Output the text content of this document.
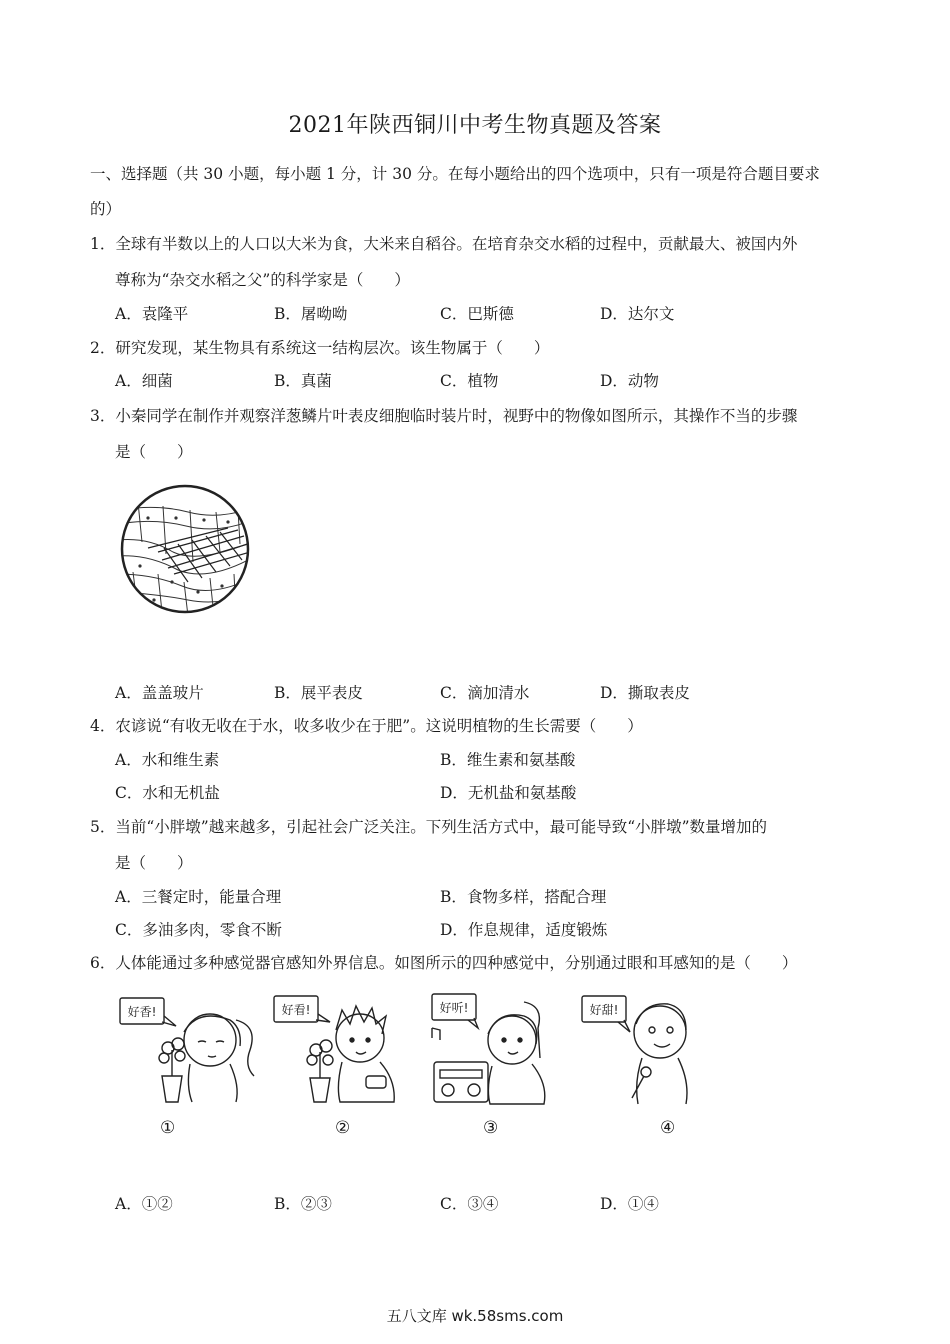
2021年陕西铜川中考生物真题及答案
一、选择题（共 30 小题，每小题 1 分，计 30 分。在每小题给出的四个选项中，只有一项是符合题目要求
的）
1．全球有半数以上的人口以大米为食，大米来自稻谷。在培育杂交水稻的过程中，贡献最大、被国内外
尊称为“杂交水稻之父”的科学家是（　　）
A．袁隆平	B．屠呦呦	C．巴斯德	D．达尔文
2．研究发现，某生物具有系统这一结构层次。该生物属于（　　）
A．细菌	B．真菌	C．植物	D．动物
3．小秦同学在制作并观察洋葱鳞片叶表皮细胞临时装片时，视野中的物像如图所示，其操作不当的步骤
是（　　）
A．盖盖玻片	B．展平表皮	C．滴加清水	D．撕取表皮
4．农谚说“有收无收在于水，收多收少在于肥”。这说明植物的生长需要（　　）
A．水和维生素	B．维生素和氨基酸
C．水和无机盐	D．无机盐和氨基酸
5．当前“小胖墩”越来越多，引起社会广泛关注。下列生活方式中，最可能导致“小胖墩”数量增加的
是（　　）
A．三餐定时，能量合理	B．食物多样，搭配合理
C．多油多肉，零食不断	D．作息规律，适度锻炼
6．人体能通过多种感觉器官感知外界信息。如图所示的四种感觉中，分别通过眼和耳感知的是（　　）
好香!	好看!	好听!	好甜!
①	②	③	④
A．①②	B．②③	C．③④	D．①④
五八文库 wk.58sms.com
